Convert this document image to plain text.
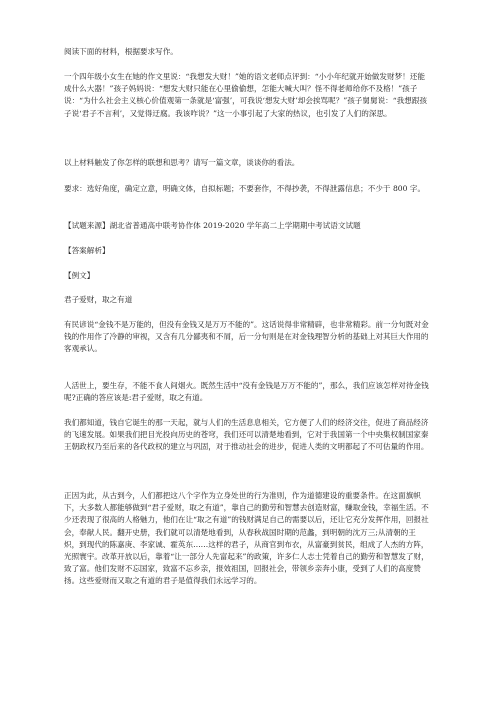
阅读下面的材料，根据要求写作。

一个四年级小女生在她的作文里说：“我想发大财！”她的语文老师点评到：“小小年纪就开始做发财梦！还能成什么大器！”孩子妈妈说：“想发大财只能在心里偷偷想，怎能大喊大叫？怪不得老师给你不及格！”孩子说：“为什么社会主义核心价值观第一条就是‘富强’，可我说‘想发大财’却会挨骂呢？”孩子舅舅说：“我想跟孩子说‘君子不言利’，又觉得迂腐。我该咋说？”这一小事引起了大家的热议，也引发了人们的深思。

以上材料触发了你怎样的联想和思考？请写一篇文章，谈谈你的看法。

要求：选好角度，确定立意，明确文体，自拟标题；不要套作，不得抄袭，不得泄露信息；不少于 800 字。

【试题来源】湖北省普通高中联考协作体 2019-2020 学年高二上学期期中考试语文试题

【答案解析】

【例文】

君子爱财，取之有道

有民谚说“金钱不是万能的，但没有金钱又是万万不能的”。这话说得非常精辟，也非常精彩。前一分句既对金钱的作用作了冷静的审视，又含有几分鄙夷和不屑，后一分句则是在对金钱理智分析的基础上对其巨大作用的客观承认。

人活世上，要生存，不能不食人间烟火。既然生活中“没有金钱是万万不能的”，那么，我们应该怎样对待金钱呢?正确的答应该是:君子爱财，取之有道。

我们都知道，钱自它诞生的那一天起，就与人们的生活息息相关，它方便了人们的经济交往，促进了商品经济的飞速发展。如果我们把目光投向历史的苍穹，我们还可以清楚地看到，它对于我国第一个中央集权制国家秦王朝政权乃至后来的各代政权的建立与巩固，对于推动社会的进步，促进人类的文明都起了不可估量的作用。

正因为此，从古到今，人们都把这八个字作为立身处世的行为准则，作为道德建设的重要条件。在这面旗帜下，大多数人都能够做到“君子爱财，取之有道”，靠自己的勤劳和智慧去创造财富，赚取金钱，幸福生活。不少还表现了很高的人格魅力，他们在让“取之有道”的钱财满足自己的需要以后，还让它充分发挥作用，回报社会，奉献人民。翻开史册，我们就可以清楚地看到，从春秋战国时期的范蠡，到明朝的沈万三;从清朝的王炽，到现代的陈嘉庚、李家诚、霍英东……这样的君子，从商官到布衣，从富豪到贫民，组成了人杰的方阵，光照寰宇。改革开放以后，靠着“让一部分人先富起来”的政策，许多仁人志士凭着自己的勤劳和智慧发了财，致了富。他们发财不忘国家，致富不忘乡亲，报效祖国，回报社会，带领乡亲奔小康，受到了人们的高度赞扬。这些爱财而又取之有道的君子是值得我们永远学习的。
